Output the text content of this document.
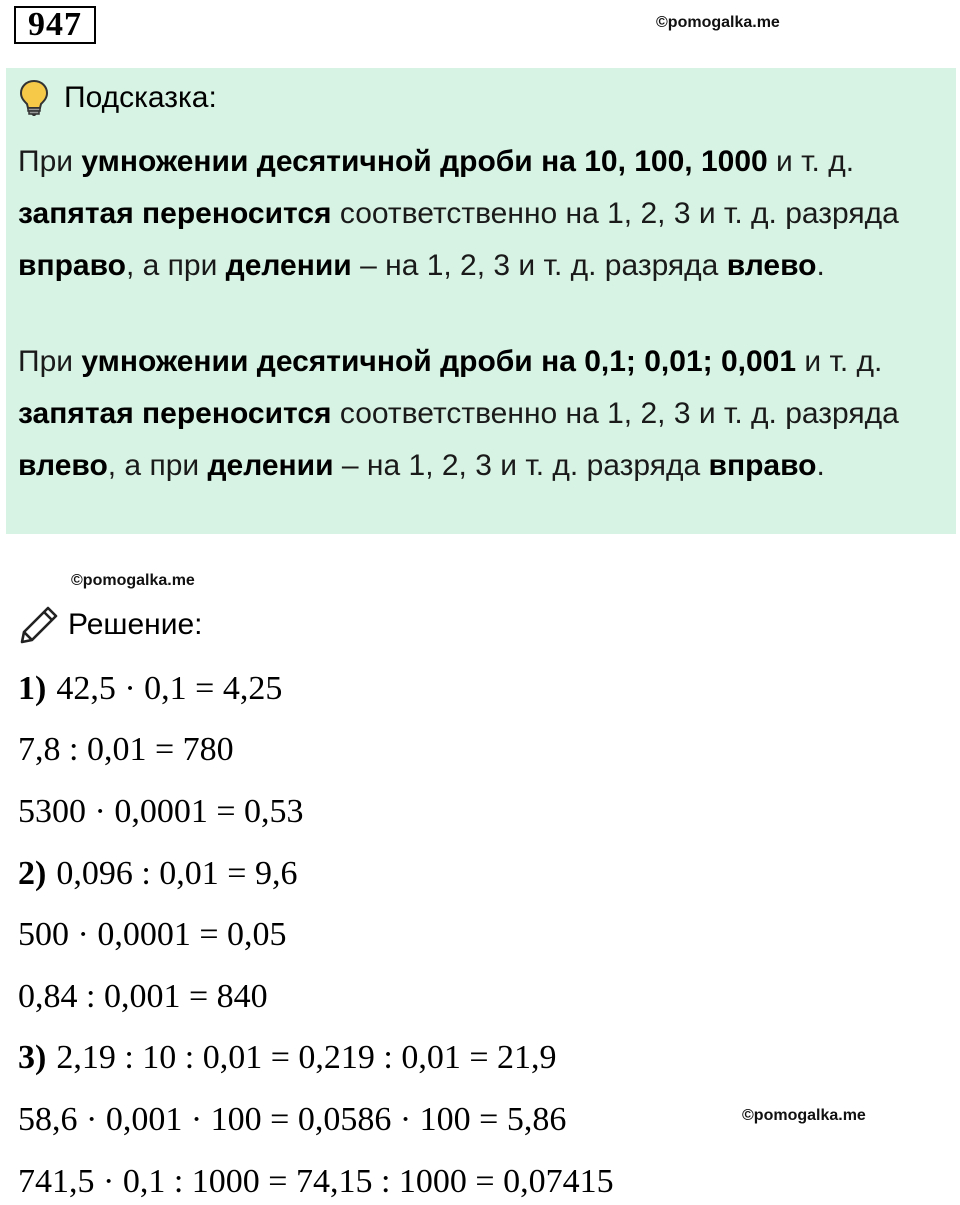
947	©pomogalka.me
Подсказка:
При умножении десятичной дроби на 10, 100, 1000 и т. д. запятая переносится соответственно на 1, 2, 3 и т. д. разряда вправо, а при делении – на 1, 2, 3 и т. д. разряда влево.
При умножении десятичной дроби на 0,1; 0,01; 0,001 и т. д. запятая переносится соответственно на 1, 2, 3 и т. д. разряда влево, а при делении – на 1, 2, 3 и т. д. разряда вправо.
©pomogalka.me
Решение:
1) 42,5 · 0,1 = 4,25
7,8 : 0,01 = 780
5300 · 0,0001 = 0,53
2) 0,096 : 0,01 = 9,6
500 · 0,0001 = 0,05
0,84 : 0,001 = 840
3) 2,19 : 10 : 0,01 = 0,219 : 0,01 = 21,9
58,6 · 0,001 · 100 = 0,0586 · 100 = 5,86
741,5 · 0,1 : 1000 = 74,15 : 1000 = 0,07415
©pomogalka.me
